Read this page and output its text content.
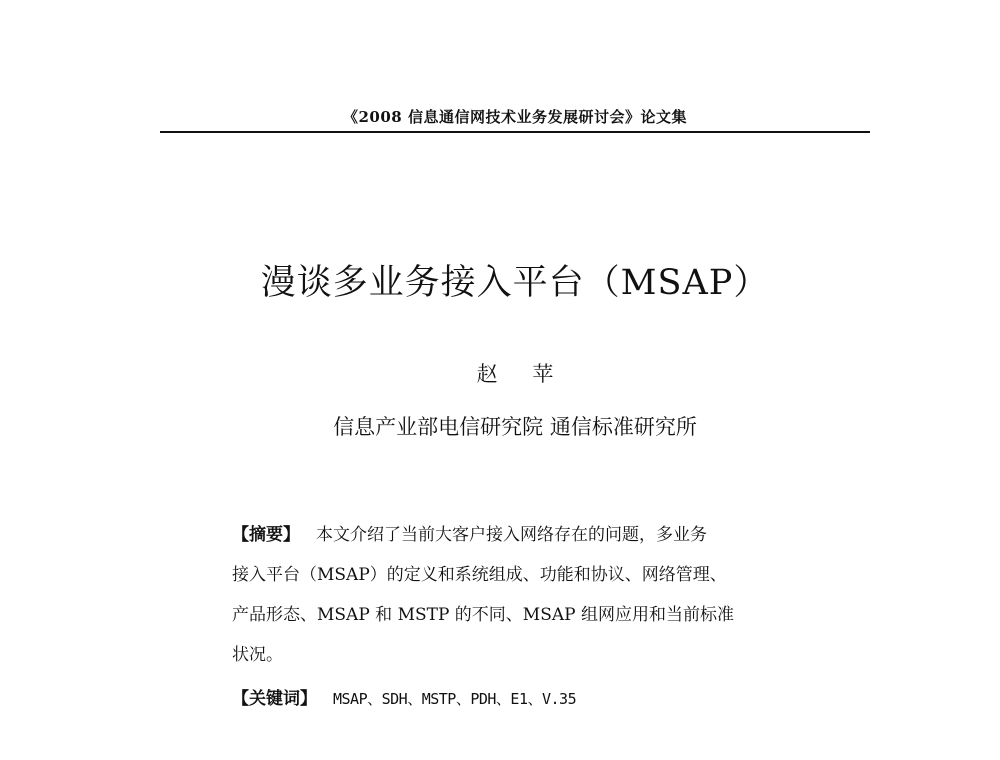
《2008 信息通信网技术业务发展研讨会》论文集
漫谈多业务接入平台（MSAP）
赵 苹
信息产业部电信研究院 通信标准研究所
【摘要】 本文介绍了当前大客户接入网络存在的问题，多业务
接入平台（MSAP）的定义和系统组成、功能和协议、网络管理、
产品形态、MSAP 和 MSTP 的不同、MSAP 组网应用和当前标准
状况。
【关键词】 MSAP、SDH、MSTP、PDH、E1、V.35
